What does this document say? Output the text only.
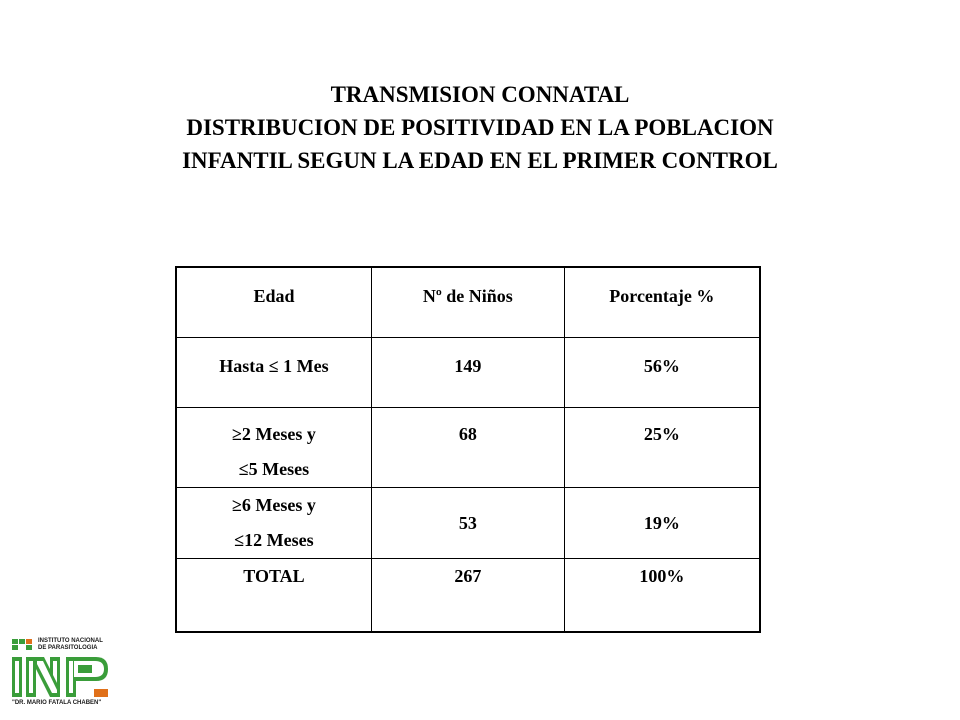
TRANSMISION CONNATAL
DISTRIBUCION DE POSITIVIDAD EN LA POBLACION
INFANTIL SEGUN LA EDAD EN EL PRIMER CONTROL
Edad	Nº de Niños	Porcentaje %

Hasta ≤ 1 Mes	149	56%

≥2 Meses y
≤5 Meses	68	25%

≥6 Meses y
≤12 Meses	53	19%

TOTAL	267	100%
INSTITUTO NACIONAL
DE PARASITOLOGIA
"DR. MARIO FATALA CHABEN"
